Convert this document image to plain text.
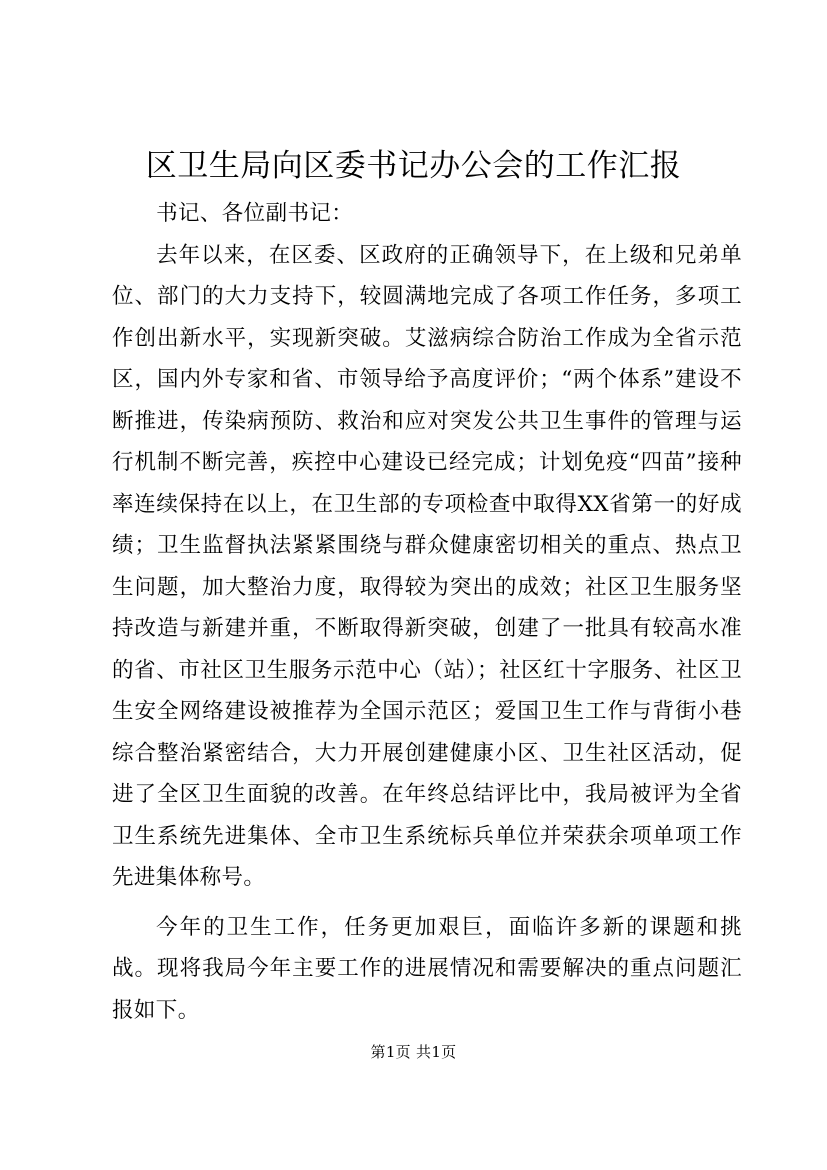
区卫生局向区委书记办公会的工作汇报

书记、各位副书记：

去年以来，在区委、区政府的正确领导下，在上级和兄弟单位、部门的大力支持下，较圆满地完成了各项工作任务，多项工作创出新水平，实现新突破。艾滋病综合防治工作成为全省示范区，国内外专家和省、市领导给予高度评价；“两个体系”建设不断推进，传染病预防、救治和应对突发公共卫生事件的管理与运行机制不断完善，疾控中心建设已经完成；计划免疫“四苗”接种率连续保持在以上，在卫生部的专项检查中取得XX省第一的好成绩；卫生监督执法紧紧围绕与群众健康密切相关的重点、热点卫生问题，加大整治力度，取得较为突出的成效；社区卫生服务坚持改造与新建并重，不断取得新突破，创建了一批具有较高水准的省、市社区卫生服务示范中心（站）；社区红十字服务、社区卫生安全网络建设被推荐为全国示范区；爱国卫生工作与背街小巷综合整治紧密结合，大力开展创建健康小区、卫生社区活动，促进了全区卫生面貌的改善。在年终总结评比中，我局被评为全省卫生系统先进集体、全市卫生系统标兵单位并荣获余项单项工作先进集体称号。

今年的卫生工作，任务更加艰巨，面临许多新的课题和挑战。现将我局今年主要工作的进展情况和需要解决的重点问题汇报如下。

第1页 共1页
